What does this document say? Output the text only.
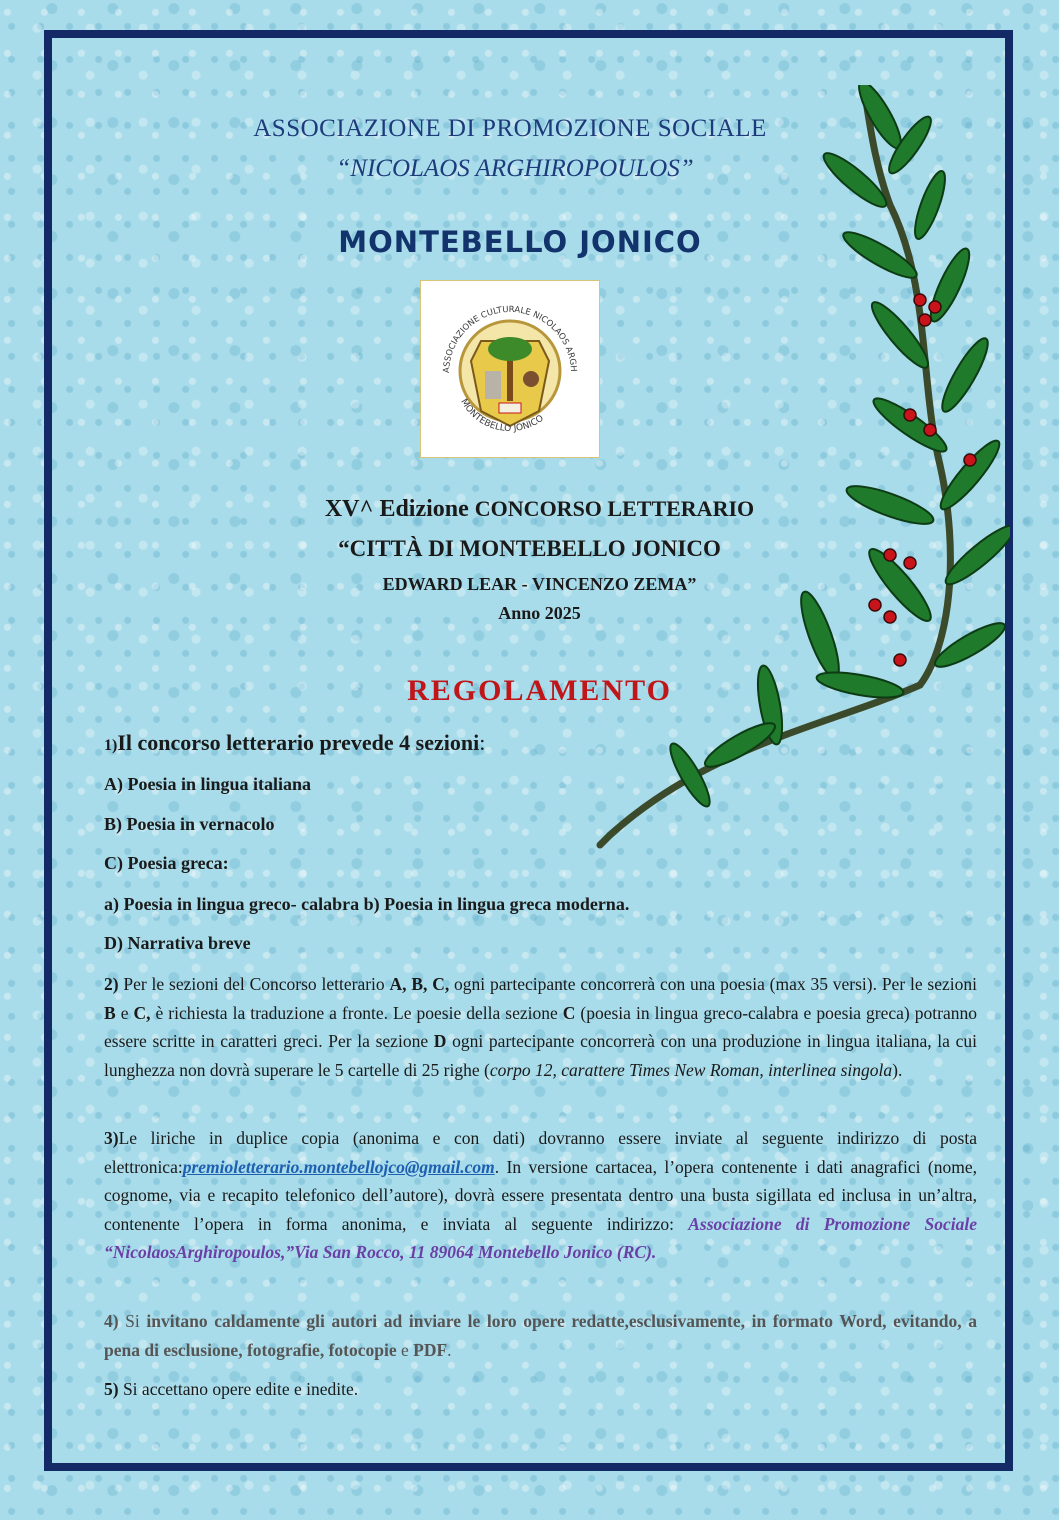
ASSOCIAZIONE DI PROMOZIONE SOCIALE
“NICOLAOS ARGHIROPOULOS”
MONTEBELLO JONICO
ASSOCIAZIONE CULTURALE NICOLAOS ARGH
MONTEBELLO JONICO
XV^ Edizione CONCORSO LETTERARIO
“CITTÀ DI MONTEBELLO JONICO
EDWARD LEAR - VINCENZO ZEMA”
Anno 2025
REGOLAMENTO
1)Il concorso letterario prevede 4 sezioni:
A) Poesia in lingua italiana
B) Poesia in vernacolo
C) Poesia greca:
a) Poesia in lingua greco- calabra b) Poesia in lingua greca moderna.
D) Narrativa breve
2) Per le sezioni del Concorso letterario A, B, C, ogni partecipante concorrerà con una poesia (max 35 versi). Per le sezioni B e C, è richiesta la traduzione a fronte. Le poesie della sezione C (poesia in lingua greco-calabra e poesia greca) potranno essere scritte in caratteri greci. Per la sezione D ogni partecipante concorrerà con una produzione in lingua italiana, la cui lunghezza non dovrà superare le 5 cartelle di 25 righe (corpo 12, carattere Times New Roman, interlinea singola).
3)Le liriche in duplice copia (anonima e con dati) dovranno essere inviate al seguente indirizzo di posta elettronica:premioletterario.montebellojco@gmail.com. In versione cartacea, l’opera contenente i dati anagrafici (nome, cognome, via e recapito telefonico dell’autore), dovrà essere presentata dentro una busta sigillata ed inclusa in un’altra, contenente l’opera in forma anonima, e inviata al seguente indirizzo: Associazione di Promozione Sociale “NicolaosArghiropoulos,”Via San Rocco, 11 89064 Montebello Jonico (RC).
4) Si invitano caldamente gli autori ad inviare le loro opere redatte,esclusivamente, in formato Word, evitando, a pena di esclusione, fotografie, fotocopie e PDF.
5) Si accettano opere edite e inedite.
